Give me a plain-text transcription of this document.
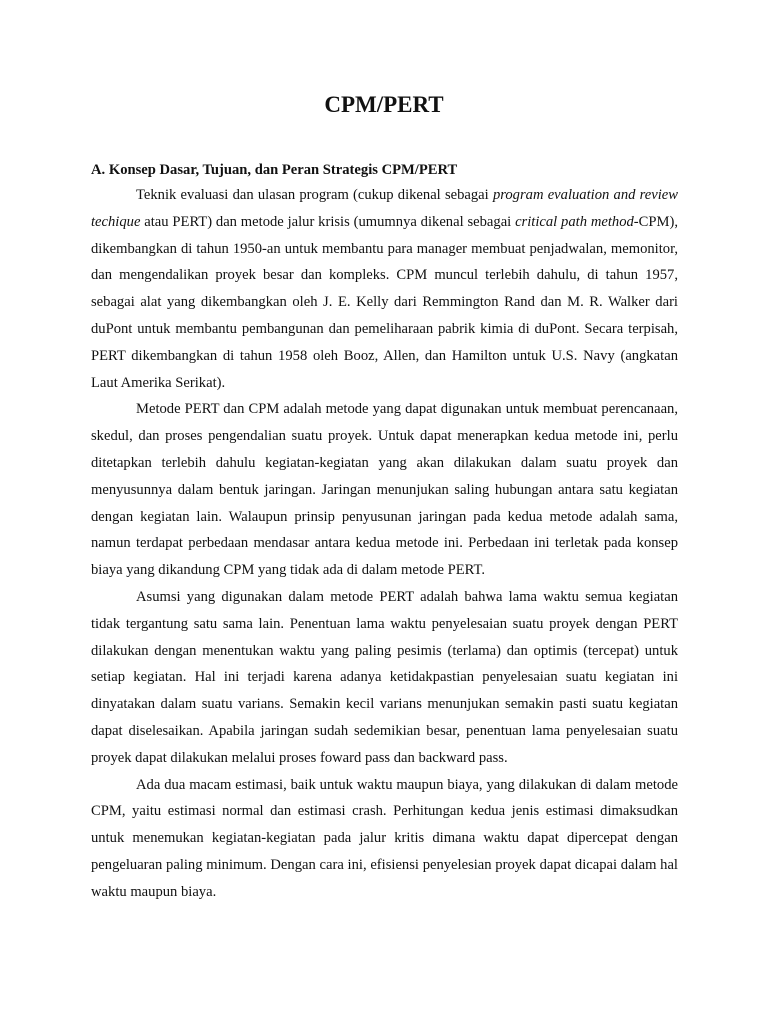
CPM/PERT
A. Konsep Dasar, Tujuan, dan Peran Strategis CPM/PERT

Teknik evaluasi dan ulasan program (cukup dikenal sebagai program evaluation and review techique atau PERT) dan metode jalur krisis (umumnya dikenal sebagai critical path method-CPM), dikembangkan di tahun 1950-an untuk membantu para manager membuat penjadwalan, memonitor, dan mengendalikan proyek besar dan kompleks. CPM muncul terlebih dahulu, di tahun 1957, sebagai alat yang dikembangkan oleh J. E. Kelly dari Remmington Rand dan M. R. Walker dari duPont untuk membantu pembangunan dan pemeliharaan pabrik kimia di duPont. Secara terpisah, PERT dikembangkan di tahun 1958 oleh Booz, Allen, dan Hamilton untuk U.S. Navy (angkatan Laut Amerika Serikat).

Metode PERT dan CPM adalah metode yang dapat digunakan untuk membuat perencanaan, skedul, dan proses pengendalian suatu proyek. Untuk dapat menerapkan kedua metode ini, perlu ditetapkan terlebih dahulu kegiatan-kegiatan yang akan dilakukan dalam suatu proyek dan menyusunnya dalam bentuk jaringan. Jaringan menunjukan saling hubungan antara satu kegiatan dengan kegiatan lain. Walaupun prinsip penyusunan jaringan pada kedua metode adalah sama, namun terdapat perbedaan mendasar antara kedua metode ini. Perbedaan ini terletak pada konsep biaya yang dikandung CPM yang tidak ada di dalam metode PERT.

Asumsi yang digunakan dalam metode PERT adalah bahwa lama waktu semua kegiatan tidak tergantung satu sama lain. Penentuan lama waktu penyelesaian suatu proyek dengan PERT dilakukan dengan menentukan waktu yang paling pesimis (terlama) dan optimis (tercepat) untuk setiap kegiatan. Hal ini terjadi karena adanya ketidakpastian penyelesaian suatu kegiatan ini dinyatakan dalam suatu varians. Semakin kecil varians menunjukan semakin pasti suatu kegiatan dapat diselesaikan. Apabila jaringan sudah sedemikian besar, penentuan lama penyelesaian suatu proyek dapat dilakukan melalui proses foward pass dan backward pass.

Ada dua macam estimasi, baik untuk waktu maupun biaya, yang dilakukan di dalam metode CPM, yaitu estimasi normal dan estimasi crash. Perhitungan kedua jenis estimasi dimaksudkan untuk menemukan kegiatan-kegiatan pada jalur kritis dimana waktu dapat dipercepat dengan pengeluaran paling minimum. Dengan cara ini, efisiensi penyelesian proyek dapat dicapai dalam hal waktu maupun biaya.
